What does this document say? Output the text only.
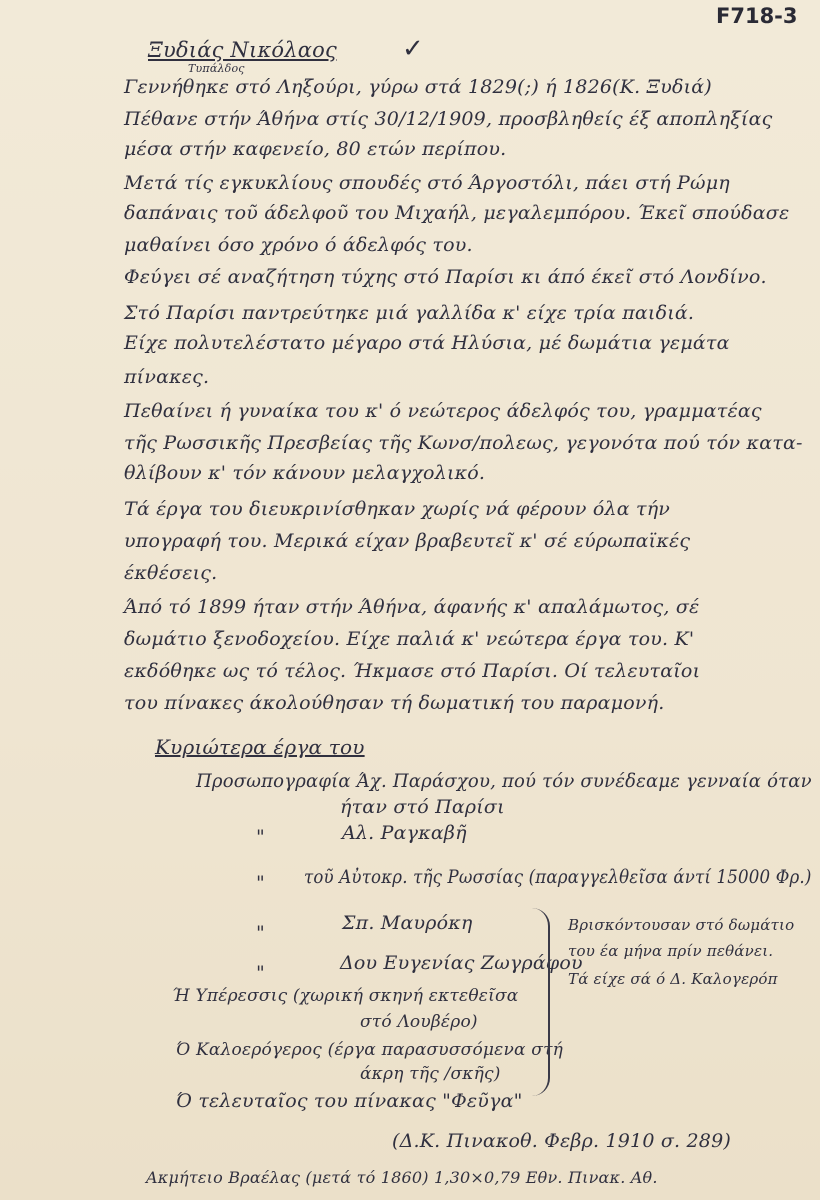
F718-3
Ξυδιάς Νικόλαος	✓
Τυπάλδος
Γεννήθηκε στό Ληξούρι, γύρω στά 1829(;) ή 1826(Κ. Ξυδιά)
Πέθανε στήν Άθήνα στίς 30/12/1909, προσβληθείς έξ αποπληξίας
μέσα στήν καφενείο, 80 ετών περίπου.
Μετά τίς εγκυκλίους σπουδές στό Άργοστόλι, πάει στή Ρώμη
δαπάναις τοῦ άδελφοῦ του Μιχαήλ, μεγαλεμπόρου. Έκεῖ σπούδασε
μαθαίνει όσο χρόνο ό άδελφός του.
Φεύγει σέ αναζήτηση τύχης στό Παρίσι κι άπό έκεῖ στό Λονδίνο.
Στό Παρίσι παντρεύτηκε μιά γαλλίδα κ' είχε τρία παιδιά.
Είχε πολυτελέστατο μέγαρο στά Ηλύσια, μέ δωμάτια γεμάτα
πίνακες.
Πεθαίνει ή γυναίκα του κ' ό νεώτερος άδελφός του, γραμματέας
τῆς Ρωσσικῆς Πρεσβείας τῆς Κωνσ/πολεως, γεγονότα πού τόν κατα-
θλίβουν κ' τόν κάνουν μελαγχολικό.
Τά έργα του διευκρινίσθηκαν χωρίς νά φέρουν όλα τήν
υπογραφή του. Μερικά είχαν βραβευτεῖ κ' σέ εύρωπαϊκές
έκθέσεις.
Άπό τό 1899 ήταν στήν Άθήνα, άφανής κ' απαλάμωτος, σέ
δωμάτιο ξενοδοχείου. Είχε παλιά κ' νεώτερα έργα του. Κ'
εκδόθηκε ως τό τέλος. Ήκμασε στό Παρίσι. Οί τελευταῖοι
του πίνακες άκολούθησαν τή δωματική του παραμονή.
Κυριώτερα έργα του
Προσωπογραφία Άχ. Παράσχου, πού τόν συνέδεαμε γενναία όταν
ήταν στό Παρίσι
"	Αλ. Ραγκαβῆ
" τοῦ Αὐτοκρ. τῆς Ρωσσίας (παραγγελθεῖσα άντί 15000 Φρ.)
"	Σπ. Μαυρόκη
"	Δου Ευγενίας Ζωγράφου
Ή Υπέρεσσις (χωρική σκηνή εκτεθεῖσα
στό Λουβέρο)
Ό Καλοερόγερος (έργα παρασυσσόμενα στή
άκρη τῆς /σκῆς)
Ό τελευταῖος του πίνακας "Φεῦγα"
Βρισκόντουσαν στό δωμάτιο
του έα μήνα πρίν πεθάνει.
Τά είχε σά ό Δ. Καλογερόπ
(Δ.Κ. Πινακοθ. Φεβρ. 1910 σ. 289)
Ακμήτειο Βραέλας (μετά τό 1860) 1,30×0,79 Εθν. Πινακ. Αθ.
